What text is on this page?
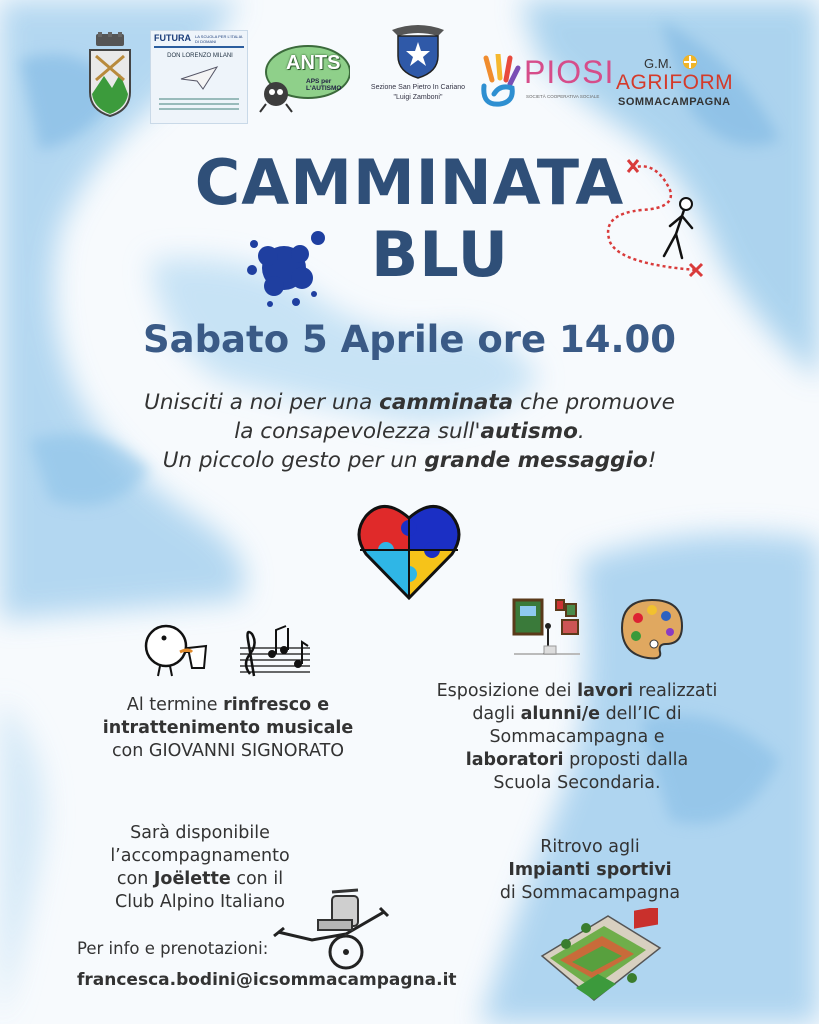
FUTURA LA SCUOLA PER L'ITALIA DI DOMANI
DON LORENZO MILANI	ANTS
APS per L'AUTISMO	Sezione San Pietro In Cariano
"Luigi Zamboni"
PIOSI
SOCIETÀ COOPERATIVA SOCIALE
G.M.
AGRIFORM
SOMMACAMPAGNA
CAMMINATA
BLU
Sabato 5 Aprile ore 14.00
Unisciti a noi per una camminata che promuove
la consapevolezza sull'autismo.
Un piccolo gesto per un grande messaggio!
Al termine rinfresco e
intrattenimento musicale
con GIOVANNI SIGNORATO
Esposizione dei lavori realizzati
dagli alunni/e dell’IC di
Sommacampagna e
laboratori proposti dalla
Scuola Secondaria.
Sarà disponibile
l’accompagnamento
con Joëlette con il
Club Alpino Italiano
Ritrovo agli
Impianti sportivi
di Sommacampagna
Per info e prenotazioni:
francesca.bodini@icsommacampagna.it
